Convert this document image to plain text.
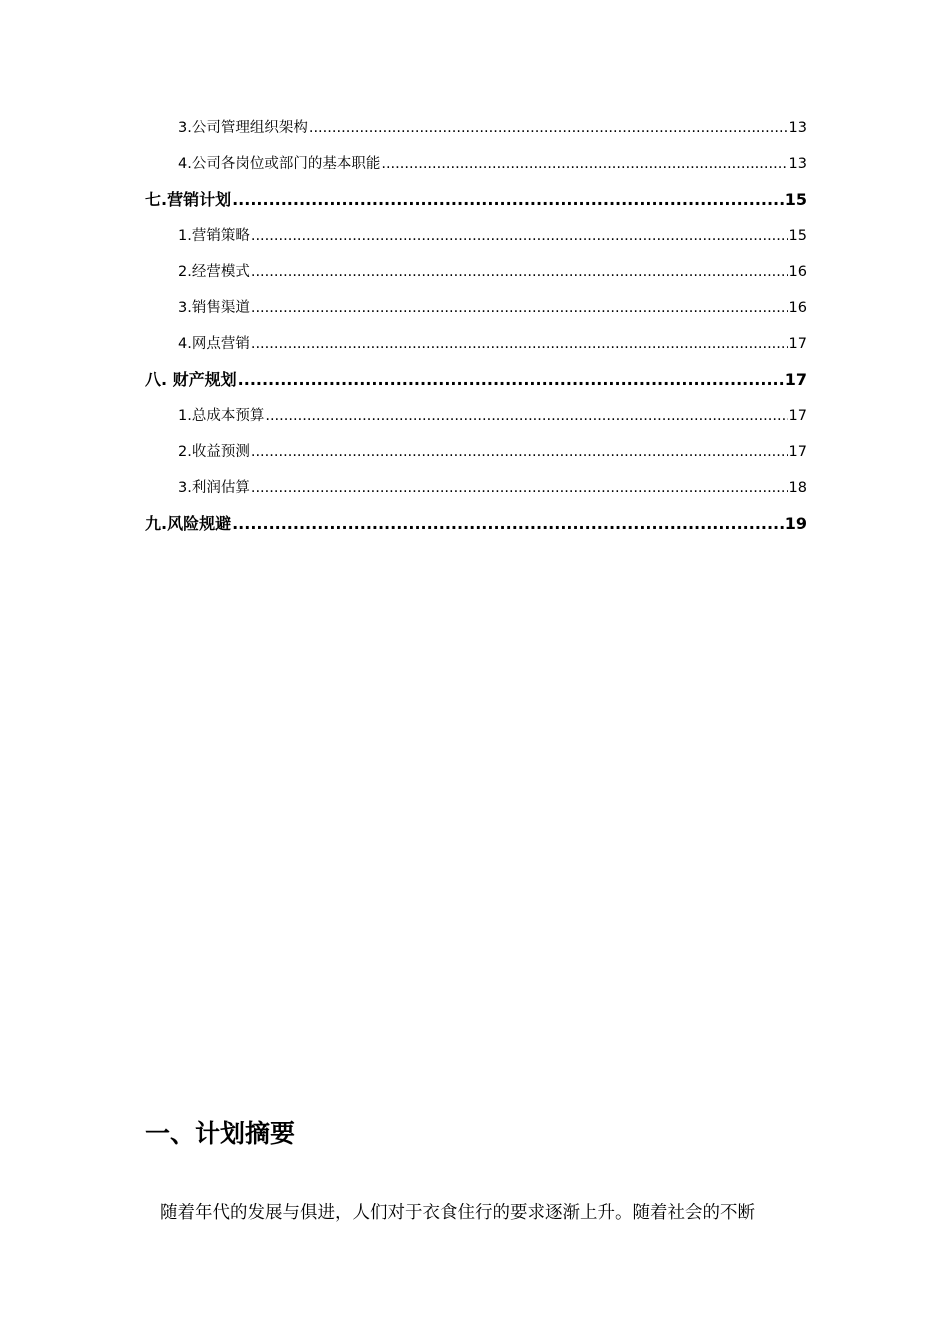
3.公司管理组织架构 .....	13
4.公司各岗位或部门的基本职能 .....	13
七.营销计划 .....	15
1.营销策略 .....	15
2.经营模式 .....	16
3.销售渠道 .....	16
4.网点营销 .....	17
八. 财产规划 .....	17
1.总成本预算 .....	17
2.收益预测 .....	17
3.利润估算 .....	18
九.风险规避 .....	19
一、计划摘要

随着年代的发展与俱进，人们对于衣食住行的要求逐渐上升。随着社会的不断
